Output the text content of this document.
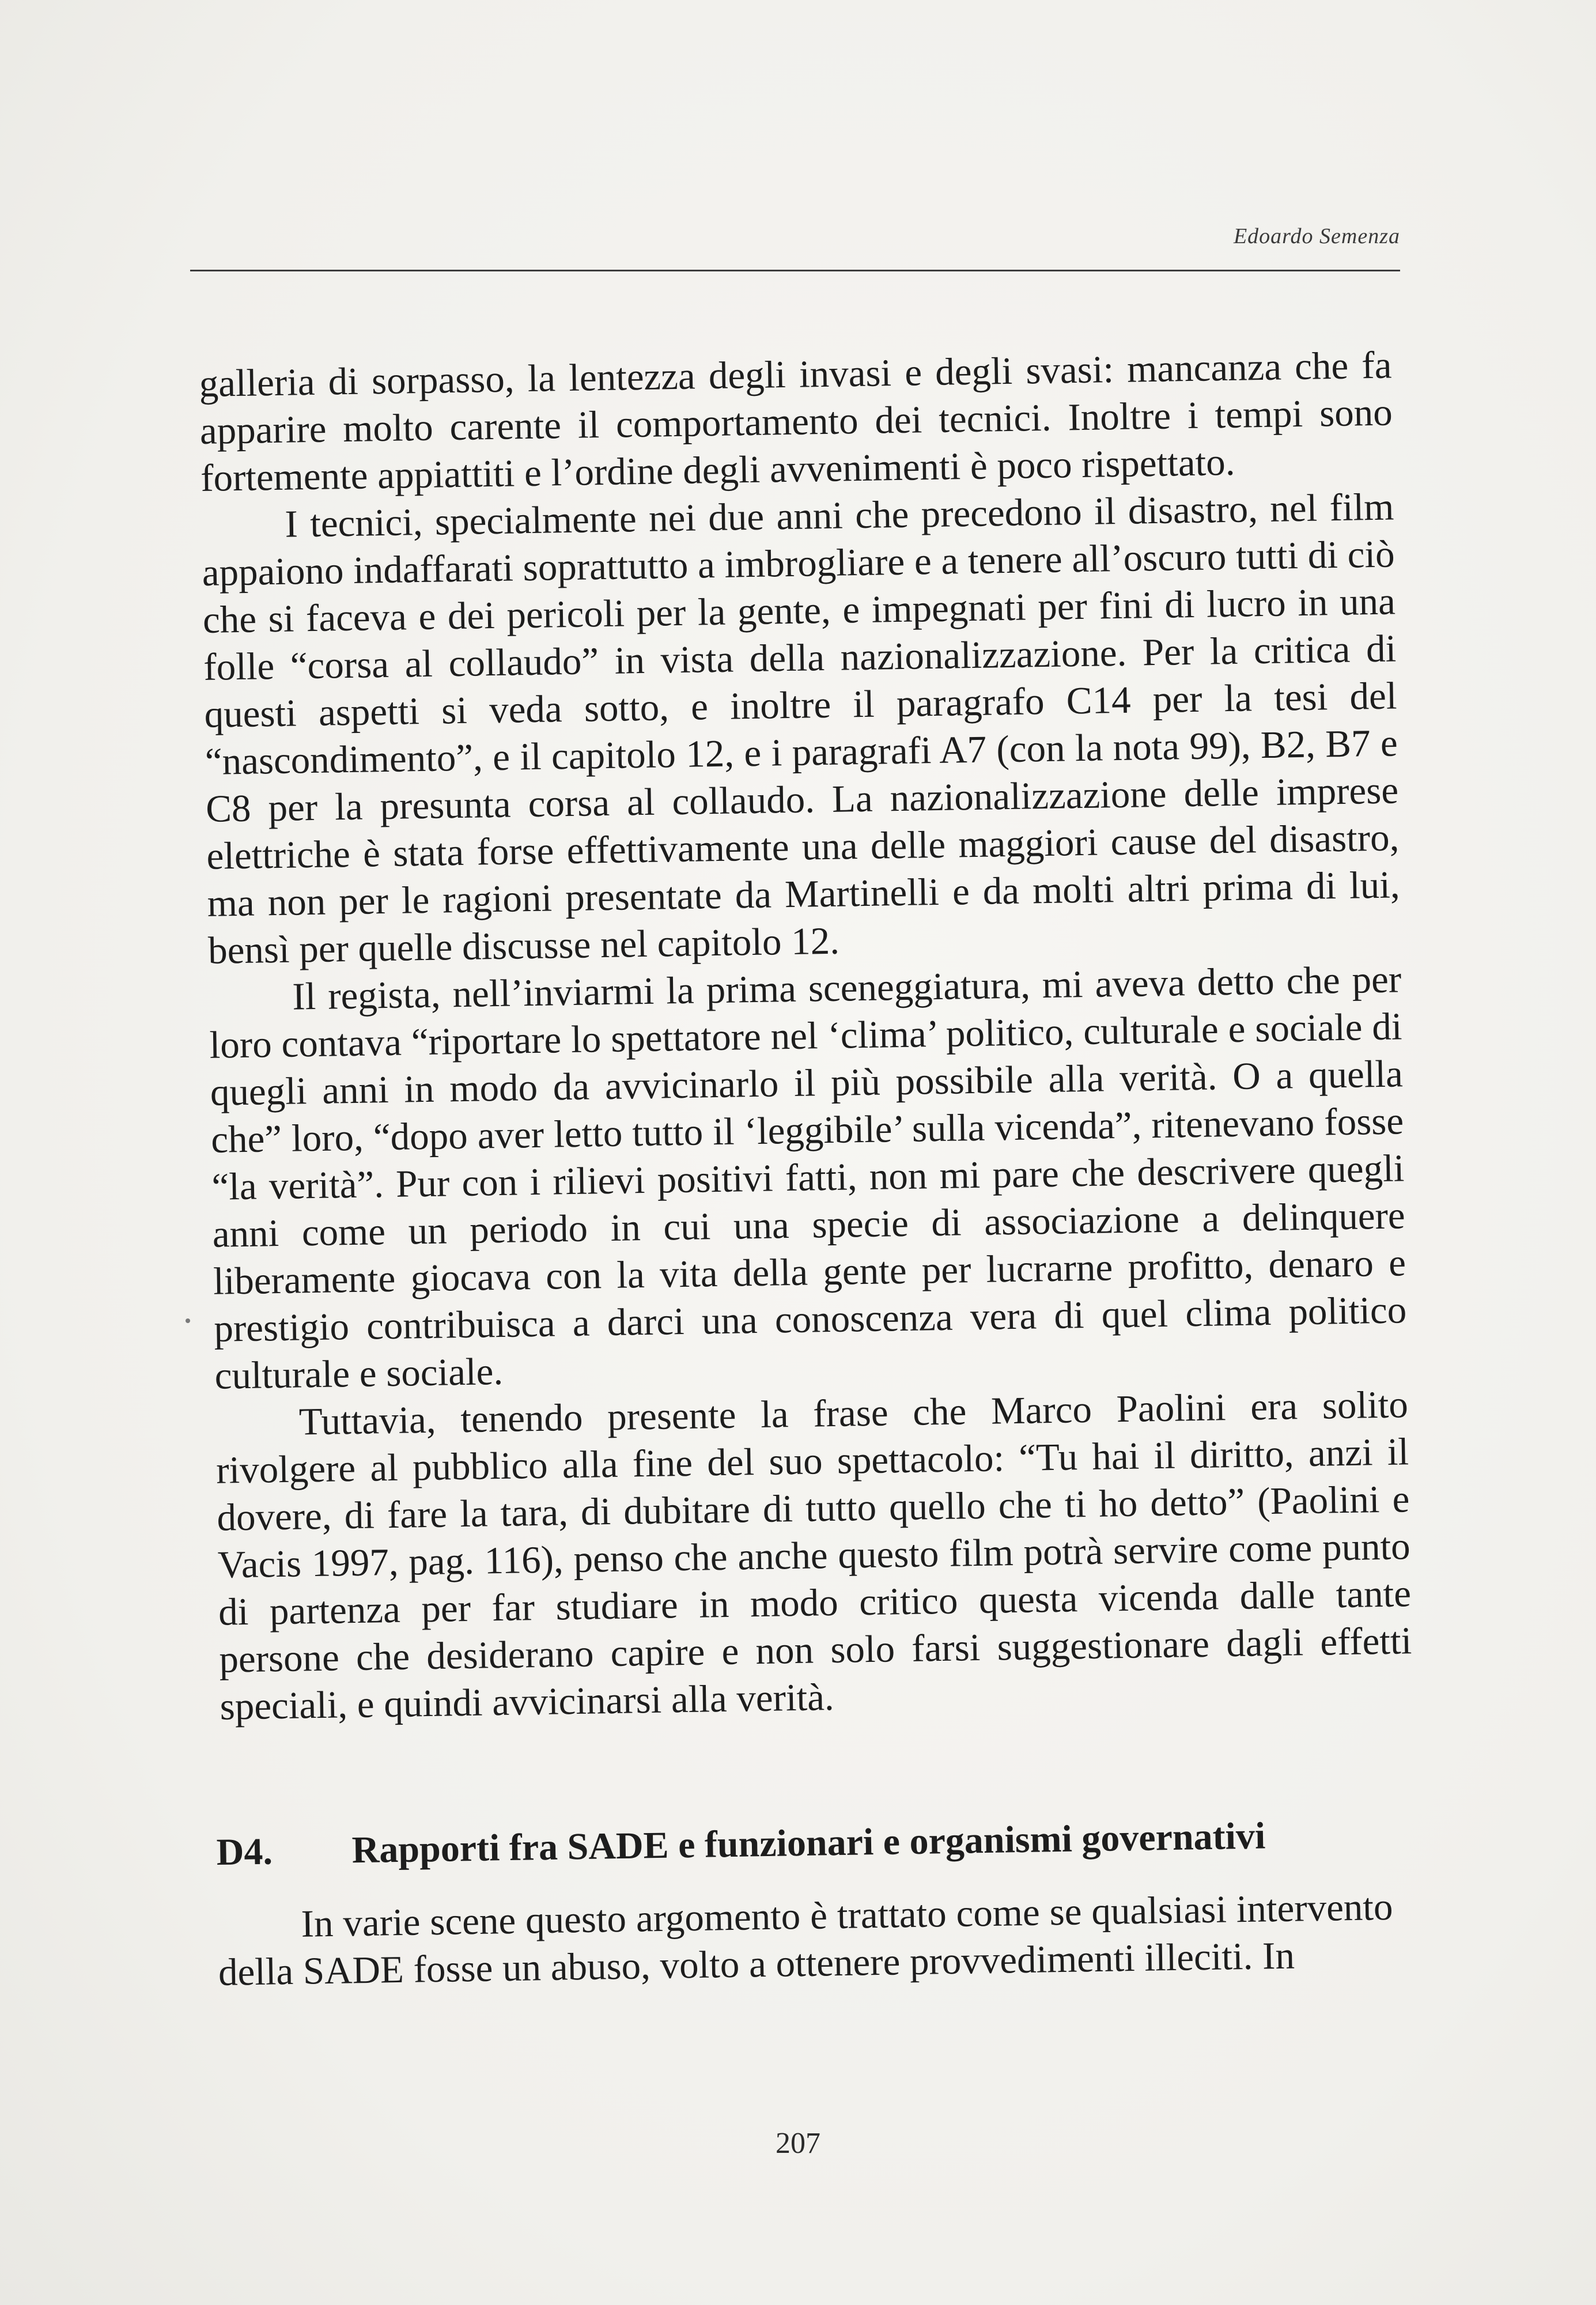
Edoardo Semenza

galleria di sorpasso, la lentezza degli invasi e degli svasi: mancanza che fa apparire molto carente il comportamento dei tecnici. Inoltre i tempi sono fortemente appiattiti e l’ordine degli avvenimenti è poco rispettato.

I tecnici, specialmente nei due anni che precedono il disastro, nel film appaiono indaffarati soprattutto a imbrogliare e a tenere all’oscuro tutti di ciò che si faceva e dei pericoli per la gente, e impegnati per fini di lucro in una folle “corsa al collaudo” in vista della nazionalizzazione. Per la critica di questi aspetti si veda sotto, e inoltre il paragrafo C14 per la tesi del “nascondimento”, e il capitolo 12, e i paragrafi A7 (con la nota 99), B2, B7 e C8 per la presunta corsa al collaudo. La nazionalizzazione delle imprese elettriche è stata forse effettivamente una delle maggiori cause del disastro, ma non per le ragioni presentate da Martinelli e da molti altri prima di lui, bensì per quelle discusse nel capitolo 12.

Il regista, nell’inviarmi la prima sceneggiatura, mi aveva detto che per loro contava “riportare lo spettatore nel ‘clima’ politico, culturale e sociale di quegli anni in modo da avvicinarlo il più possibile alla verità. O a quella che” loro, “dopo aver letto tutto il ‘leggibile’ sulla vicenda”, ritenevano fosse “la verità”. Pur con i rilievi positivi fatti, non mi pare che descrivere quegli anni come un periodo in cui una specie di associazione a delinquere liberamente giocava con la vita della gente per lucrarne profitto, denaro e prestigio contribuisca a darci una conoscenza vera di quel clima politico culturale e sociale.

Tuttavia, tenendo presente la frase che Marco Paolini era solito rivolgere al pubblico alla fine del suo spettacolo: “Tu hai il diritto, anzi il dovere, di fare la tara, di dubitare di tutto quello che ti ho detto” (Paolini e Vacis 1997, pag. 116), penso che anche questo film potrà servire come punto di partenza per far studiare in modo critico questa vicenda dalle tante persone che desiderano capire e non solo farsi suggestionare dagli effetti speciali, e quindi avvicinarsi alla verità.

D4.	Rapporti fra SADE e funzionari e organismi governativi

In varie scene questo argomento è trattato come se qualsiasi intervento della SADE fosse un abuso, volto a ottenere provvedimenti illeciti. In

207
